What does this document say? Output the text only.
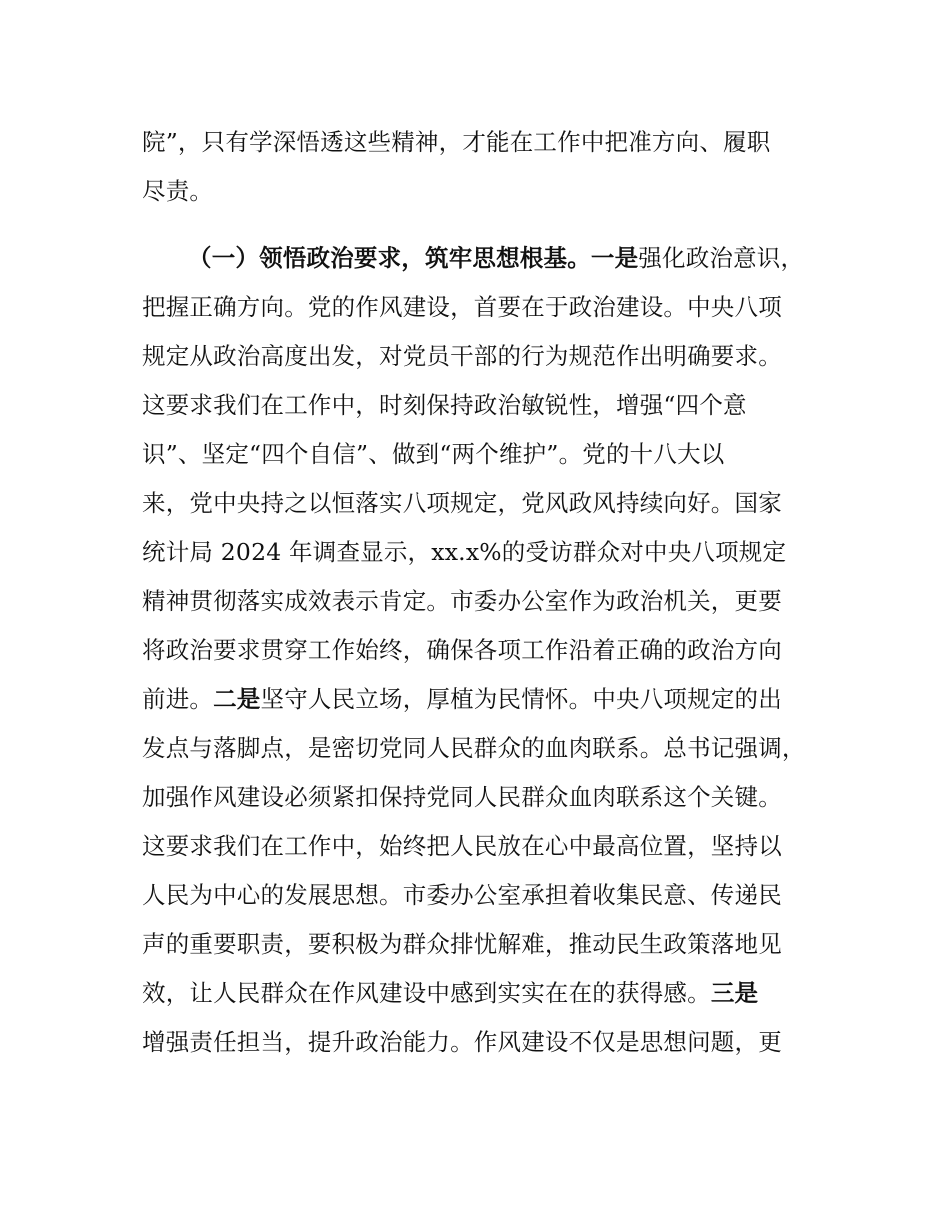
院”，只有学深悟透这些精神，才能在工作中把准方向、履职
尽责。
（一）领悟政治要求，筑牢思想根基。一是强化政治意识，
把握正确方向。党的作风建设，首要在于政治建设。中央八项
规定从政治高度出发，对党员干部的行为规范作出明确要求。
这要求我们在工作中，时刻保持政治敏锐性，增强“四个意
识”、坚定“四个自信”、做到“两个维护”。党的十八大以
来，党中央持之以恒落实八项规定，党风政风持续向好。国家
统计局 2024 年调查显示，xx.x%的受访群众对中央八项规定
精神贯彻落实成效表示肯定。市委办公室作为政治机关，更要
将政治要求贯穿工作始终，确保各项工作沿着正确的政治方向
前进。二是坚守人民立场，厚植为民情怀。中央八项规定的出
发点与落脚点，是密切党同人民群众的血肉联系。总书记强调，
加强作风建设必须紧扣保持党同人民群众血肉联系这个关键。
这要求我们在工作中，始终把人民放在心中最高位置，坚持以
人民为中心的发展思想。市委办公室承担着收集民意、传递民
声的重要职责，要积极为群众排忧解难，推动民生政策落地见
效，让人民群众在作风建设中感到实实在在的获得感。三是
增强责任担当，提升政治能力。作风建设不仅是思想问题，更
